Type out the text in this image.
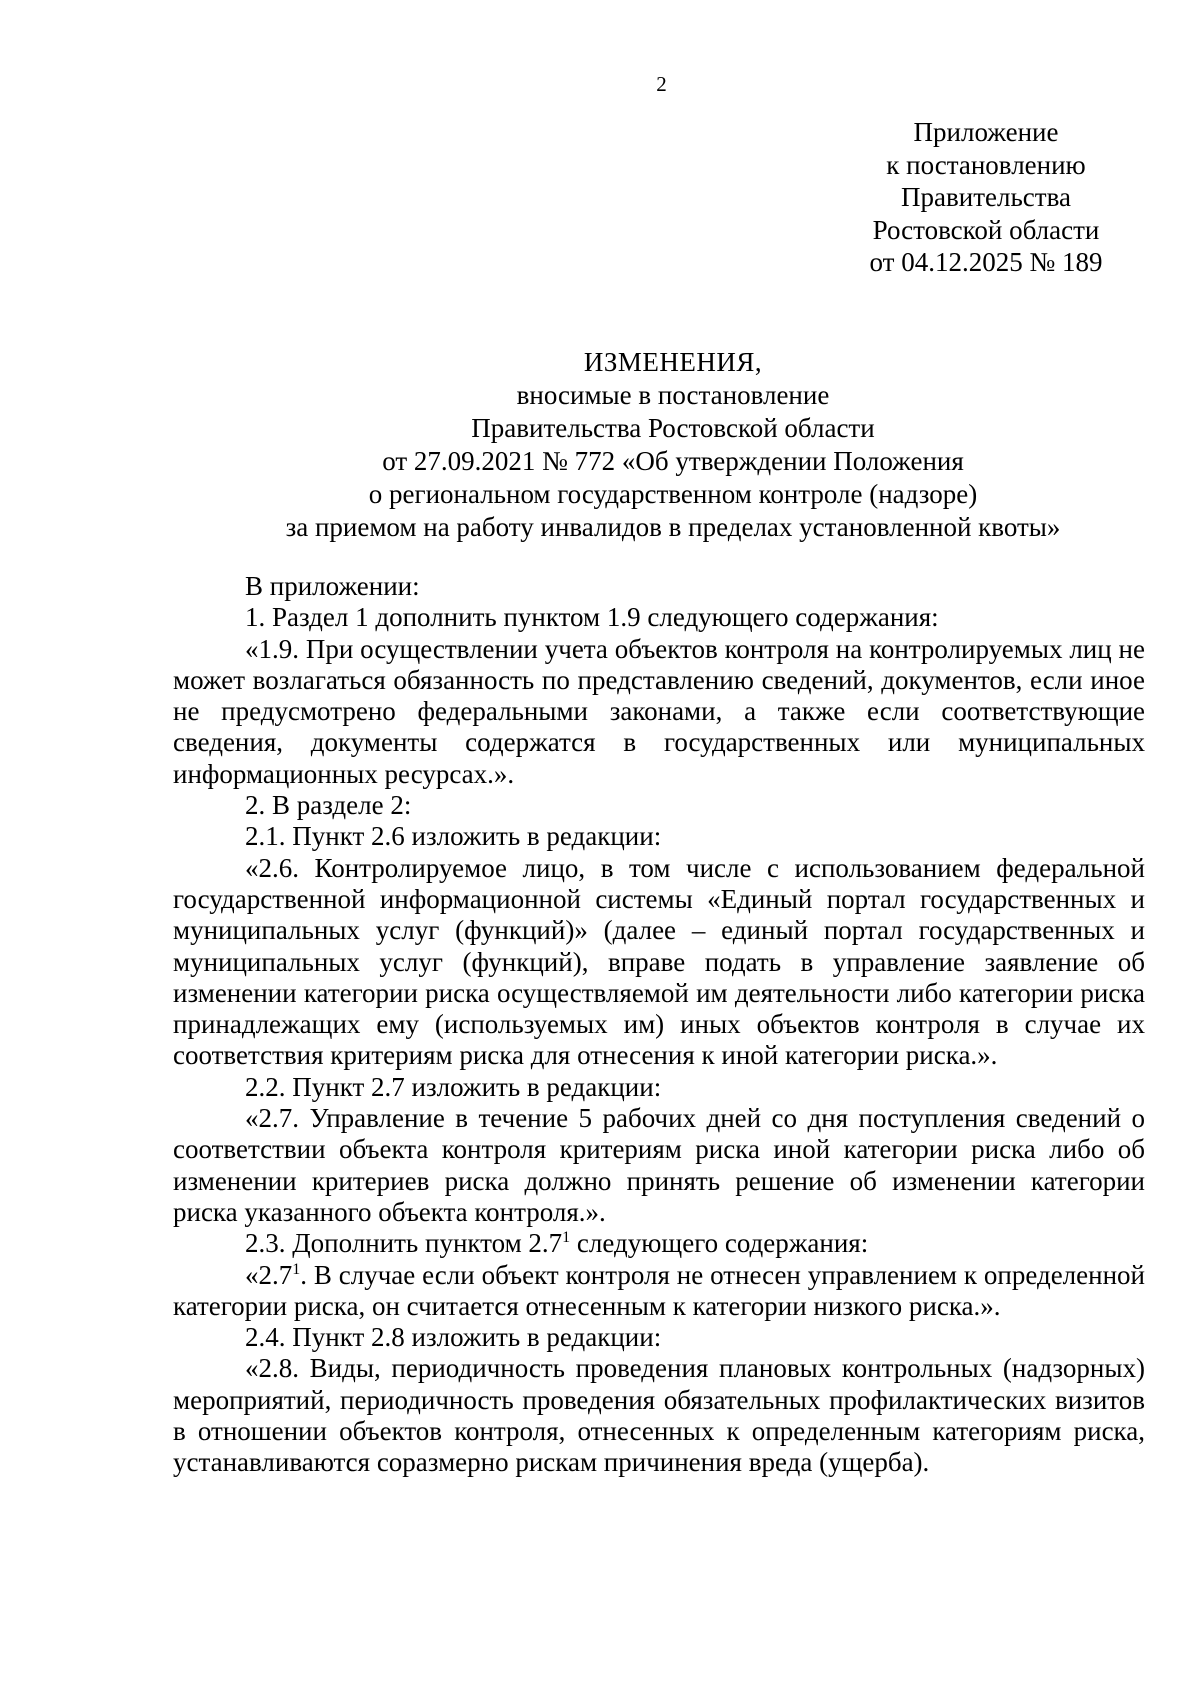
2
Приложение
к постановлению
Правительства
Ростовской области
от 04.12.2025 № 189

ИЗМЕНЕНИЯ,

вносимые в постановление

Правительства Ростовской области

от 27.09.2021 № 772 «Об утверждении Положения

о региональном государственном контроле (надзоре)

за приемом на работу инвалидов в пределах установленной квоты»

В приложении:

1. Раздел 1 дополнить пунктом 1.9 следующего содержания:

«1.9. При осуществлении учета объектов контроля на контролируемых лиц не может возлагаться обязанность по представлению сведений, документов, если иное не предусмотрено федеральными законами, а также если соответствующие сведения, документы содержатся в государственных или муниципальных информационных ресурсах.».

2. В разделе 2:

2.1. Пункт 2.6 изложить в редакции:

«2.6. Контролируемое лицо, в том числе с использованием федеральной государственной информационной системы «Единый портал государственных и муниципальных услуг (функций)» (далее – единый портал государственных и муниципальных услуг (функций), вправе подать в управление заявление об изменении категории риска осуществляемой им деятельности либо категории риска принадлежащих ему (используемых им) иных объектов контроля в случае их соответствия критериям риска для отнесения к иной категории риска.».

2.2. Пункт 2.7 изложить в редакции:

«2.7. Управление в течение 5 рабочих дней со дня поступления сведений о соответствии объекта контроля критериям риска иной категории риска либо об изменении критериев риска должно принять решение об изменении категории риска указанного объекта контроля.».

2.3. Дополнить пунктом $2.7^1$ следующего содержания:

«$2.7^1$. В случае если объект контроля не отнесен управлением к определенной категории риска, он считается отнесенным к категории низкого риска.».

2.4. Пункт 2.8 изложить в редакции:

«2.8. Виды, периодичность проведения плановых контрольных (надзорных) мероприятий, периодичность проведения обязательных профилактических визитов в отношении объектов контроля, отнесенных к определенным категориям риска, устанавливаются соразмерно рискам причинения вреда (ущерба).
